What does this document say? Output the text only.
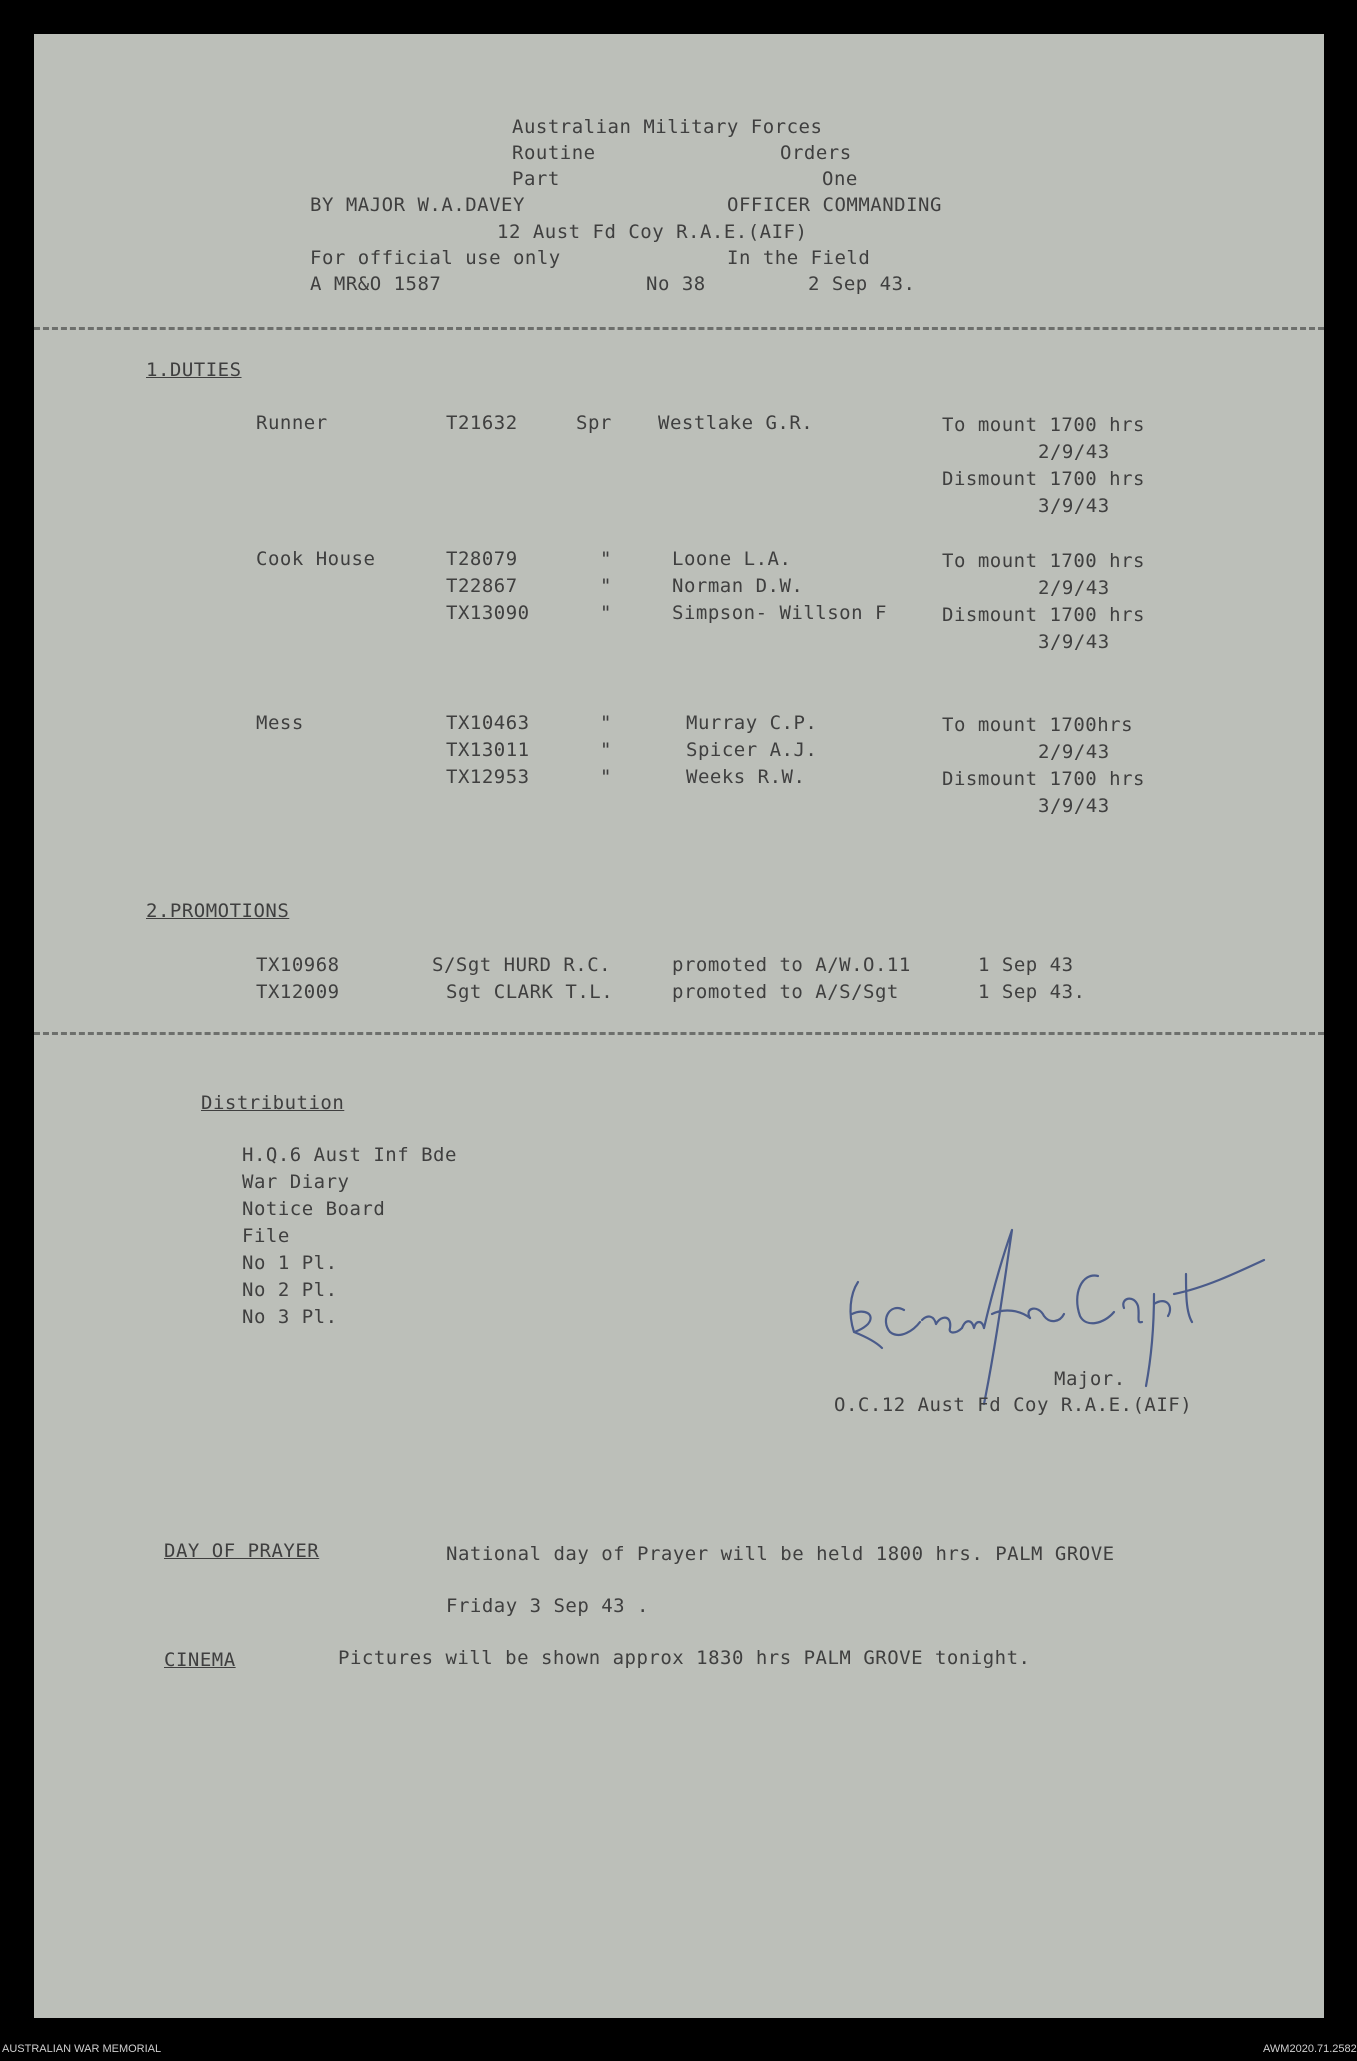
Australian Military Forces
Routine	Orders
Part	One
BY MAJOR W.A.DAVEY	OFFICER COMMANDING
12 Aust Fd Coy R.A.E.(AIF)
For official use only	In the Field
A MR&O 1587	No 38	2 Sep 43.
1.DUTIES
Runner	T21632	Spr Westlake G.R.	To mount 1700 hrs
2/9/43
Dismount 1700 hrs
3/9/43
Cook House	T28079	"	Loone L.A.
T22867	"	Norman D.W.
TX13090	"	Simpson- Willson F
To mount 1700 hrs
2/9/43
Dismount 1700 hrs
3/9/43
Mess	TX10463	"	Murray C.P.
TX13011	"	Spicer A.J.
TX12953	"	Weeks R.W.
To mount 1700hrs
2/9/43
Dismount 1700 hrs
3/9/43
2.PROMOTIONS
TX10968	S/Sgt HURD R.C.	promoted to A/W.O.11	1 Sep 43
TX12009	Sgt CLARK T.L.	promoted to A/S/Sgt	1 Sep 43.
Distribution
H.Q.6 Aust Inf Bde
War Diary
Notice Board
File
No 1 Pl.
No 2 Pl.
No 3 Pl.
Major.
O.C.12 Aust Fd Coy R.A.E.(AIF)
DAY OF PRAYER	National day of Prayer will be held 1800 hrs. PALM GROVE
Friday 3 Sep 43 .
CINEMA	Pictures will be shown approx 1830 hrs PALM GROVE tonight.
AUSTRALIAN WAR MEMORIAL	AWM2020.71.2582
